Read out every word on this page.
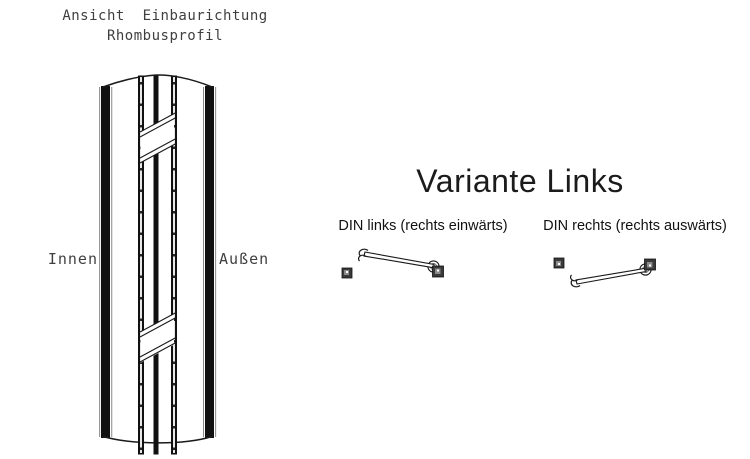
Ansicht  Einbaurichtung
Rhombusprofil
Innen	Außen
Variante Links
DIN links (rechts einwärts)	DIN rechts (rechts auswärts)
